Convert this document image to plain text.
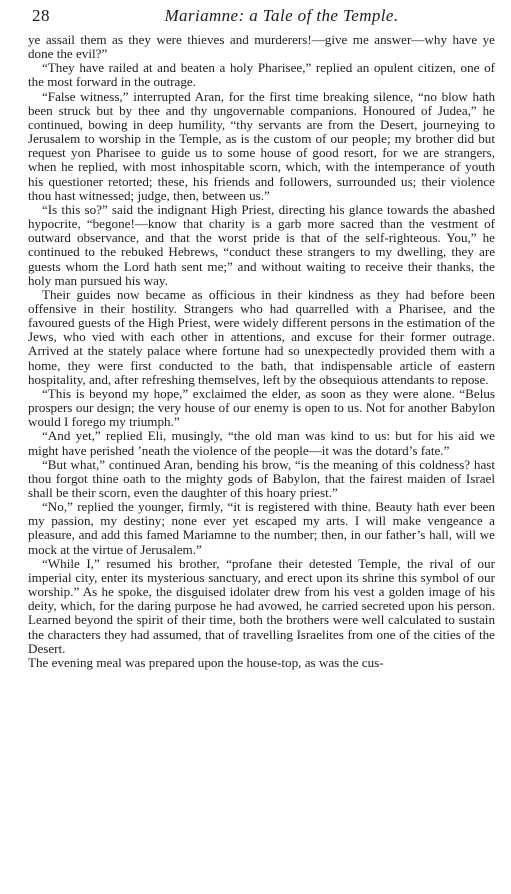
28	Mariamne: a Tale of the Temple.

ye assail them as they were thieves and murderers!—give me answer—why have ye done the evil?”

“They have railed at and beaten a holy Pharisee,” replied an opulent citizen, one of the most forward in the outrage.

“False witness,” interrupted Aran, for the first time breaking silence, “no blow hath been struck but by thee and thy ungovernable companions. Honoured of Judea,” he continued, bowing in deep humility, “thy servants are from the Desert, journeying to Jerusalem to worship in the Temple, as is the custom of our people; my brother did but request yon Pharisee to guide us to some house of good resort, for we are strangers, when he replied, with most inhospitable scorn, which, with the intemperance of youth his questioner retorted; these, his friends and followers, surrounded us; their violence thou hast witnessed; judge, then, between us.”

“Is this so?” said the indignant High Priest, directing his glance towards the abashed hypocrite, “begone!—know that charity is a garb more sacred than the vestment of outward observance, and that the worst pride is that of the self-righteous. You,” he continued to the rebuked Hebrews, “conduct these strangers to my dwelling, they are guests whom the Lord hath sent me;” and without waiting to receive their thanks, the holy man pursued his way.

Their guides now became as officious in their kindness as they had before been offensive in their hostility. Strangers who had quarrelled with a Pharisee, and the favoured guests of the High Priest, were widely different persons in the estimation of the Jews, who vied with each other in attentions, and excuse for their former outrage. Arrived at the stately palace where fortune had so unexpectedly provided them with a home, they were first conducted to the bath, that indispensable article of eastern hospitality, and, after refreshing themselves, left by the obsequious attendants to repose.

“This is beyond my hope,” exclaimed the elder, as soon as they were alone. “Belus prospers our design; the very house of our enemy is open to us. Not for another Babylon would I forego my triumph.”

“And yet,” replied Eli, musingly, “the old man was kind to us: but for his aid we might have perished ’neath the violence of the people—it was the dotard’s fate.”

“But what,” continued Aran, bending his brow, “is the meaning of this coldness? hast thou forgot thine oath to the mighty gods of Babylon, that the fairest maiden of Israel shall be their scorn, even the daughter of this hoary priest.”

“No,” replied the younger, firmly, “it is registered with thine. Beauty hath ever been my passion, my destiny; none ever yet escaped my arts. I will make vengeance a pleasure, and add this famed Mariamne to the number; then, in our father’s hall, will we mock at the virtue of Jerusalem.”

“While I,” resumed his brother, “profane their detested Temple, the rival of our imperial city, enter its mysterious sanctuary, and erect upon its shrine this symbol of our worship.” As he spoke, the disguised idolater drew from his vest a golden image of his deity, which, for the daring purpose he had avowed, he carried secreted upon his person. Learned beyond the spirit of their time, both the brothers were well calculated to sustain the characters they had assumed, that of travelling Israelites from one of the cities of the Desert.

The evening meal was prepared upon the house-top, as was the cus-
